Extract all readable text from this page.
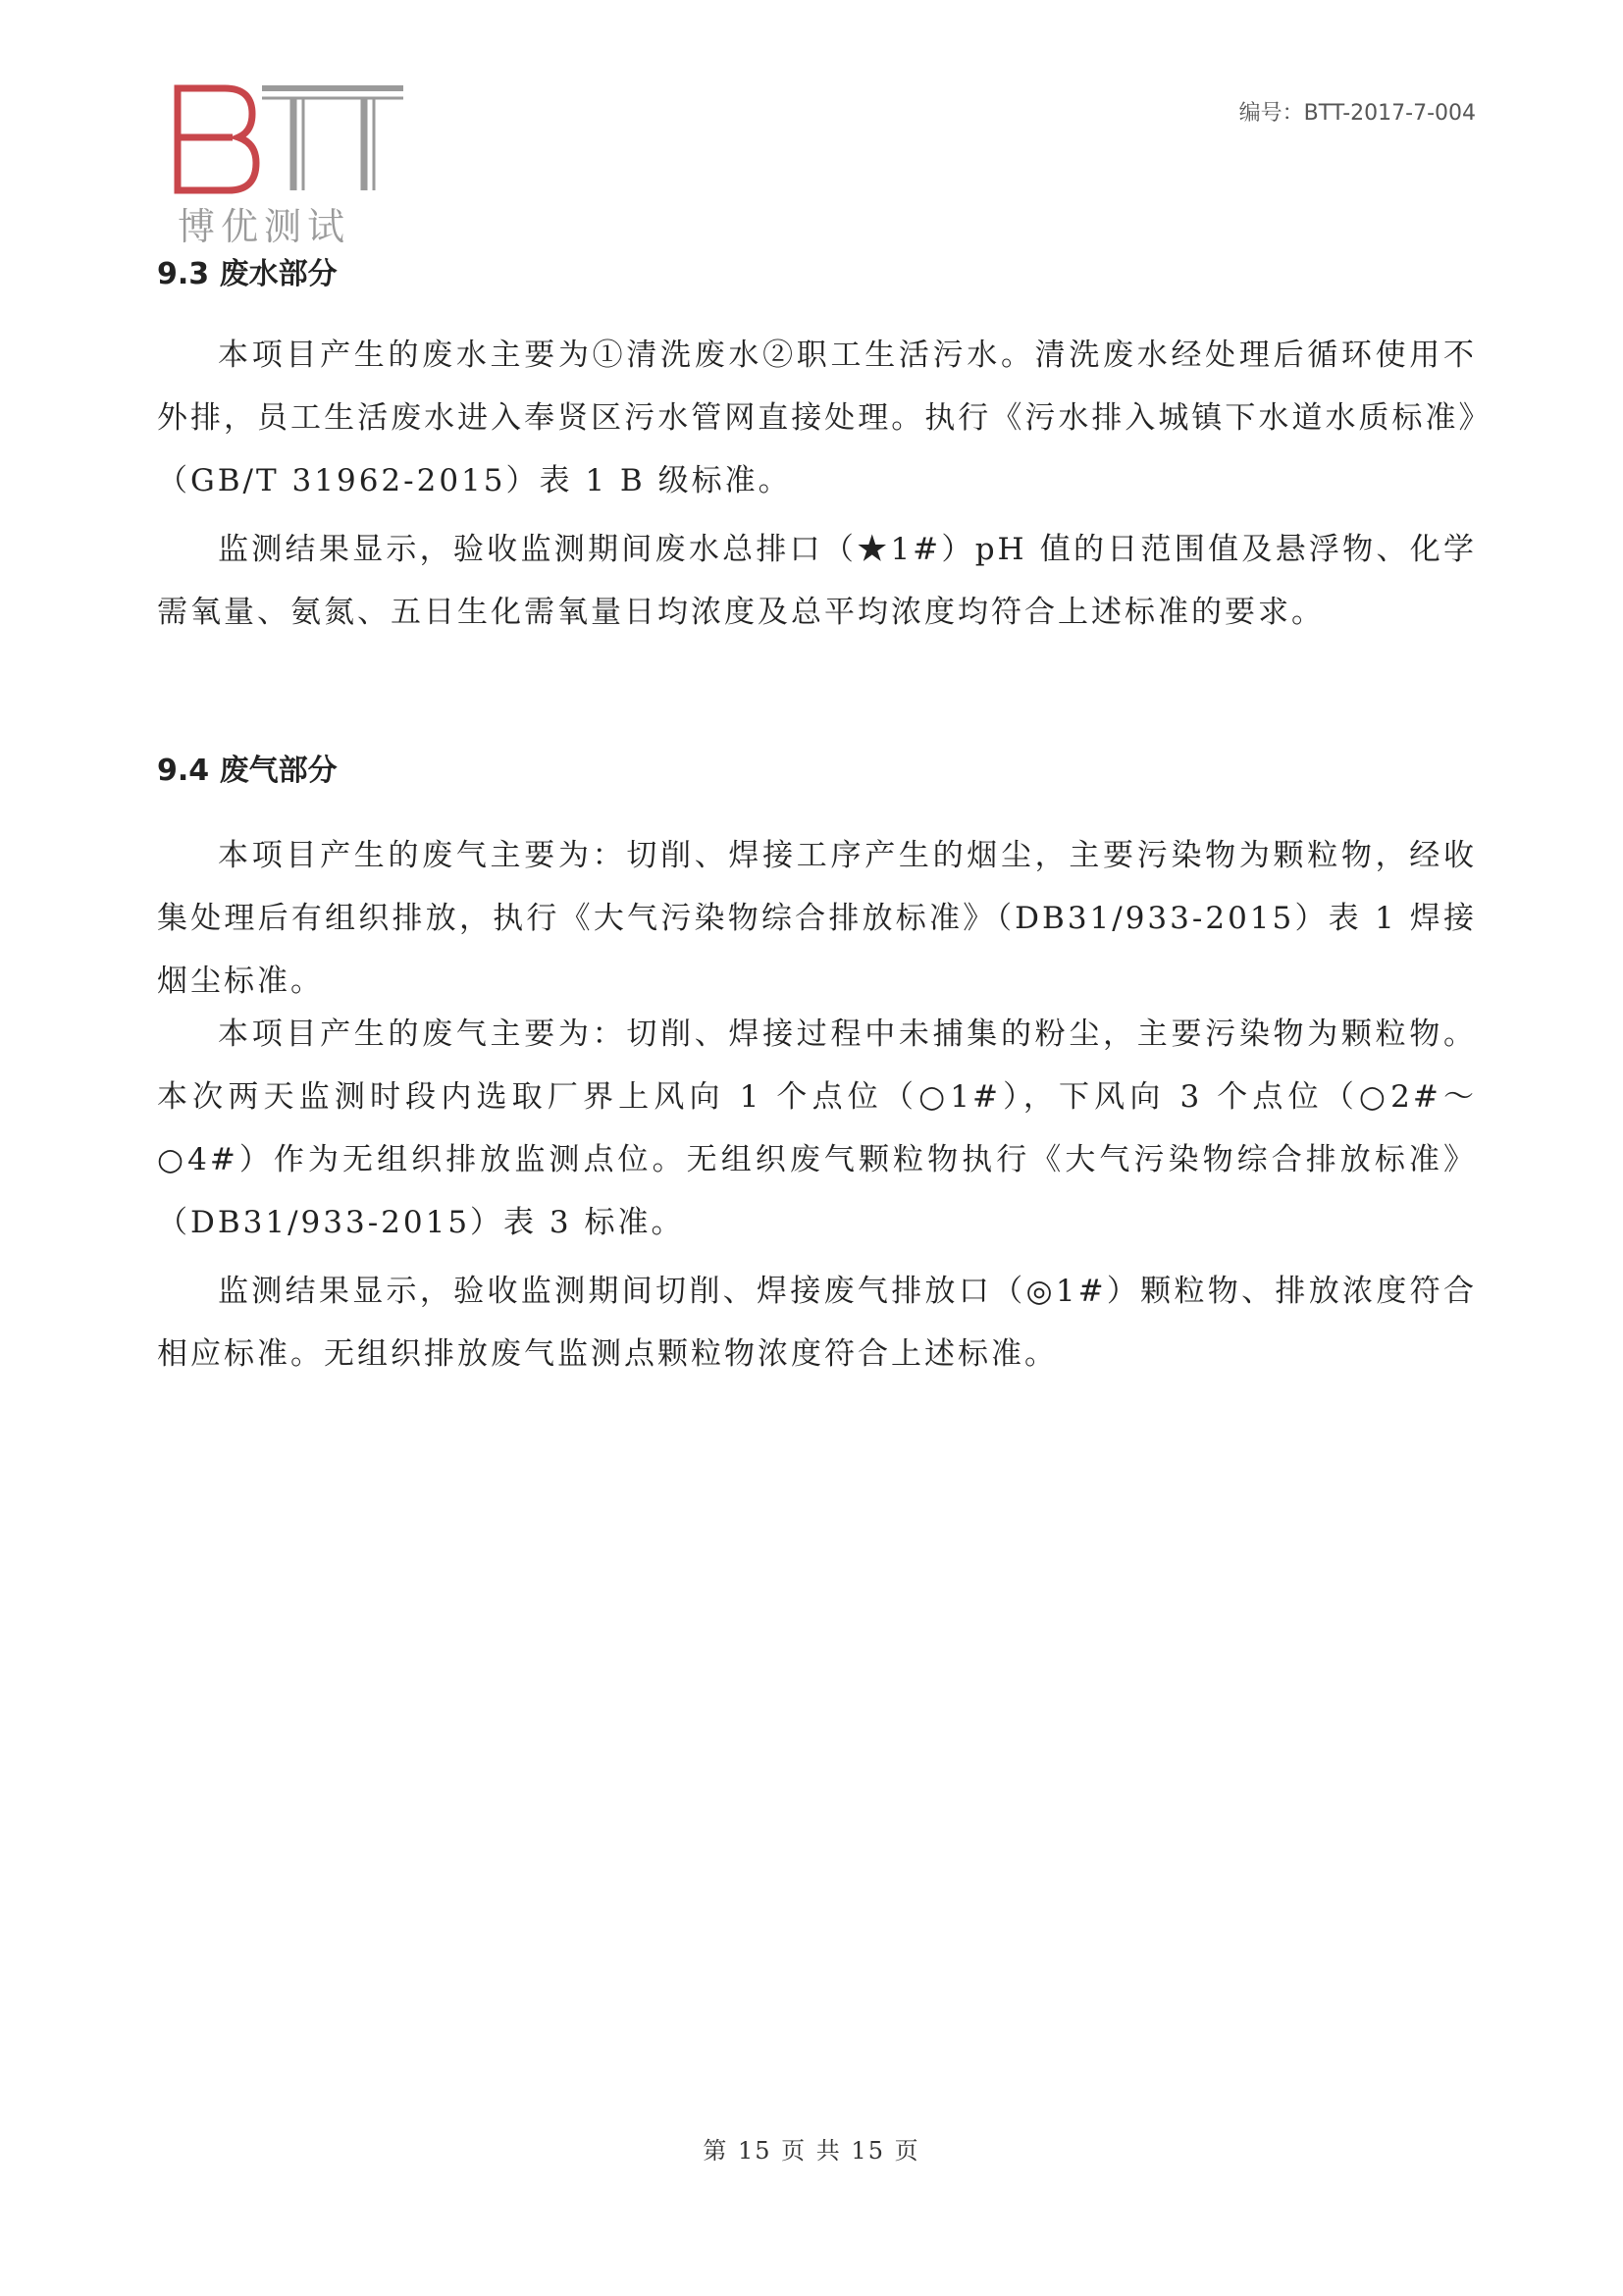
博优测试
编号：BTT-2017-7-004
9.3 废水部分

本项目产生的废水主要为①清洗废水②职工生活污水。清洗废水经处理后循环使用不外排，员工生活废水进入奉贤区污水管网直接处理。执行《污水排入城镇下水道水质标准》（GB/T 31962-2015）表 1 B 级标准。

监测结果显示，验收监测期间废水总排口（★1#）pH 值的日范围值及悬浮物、化学需氧量、氨氮、五日生化需氧量日均浓度及总平均浓度均符合上述标准的要求。

9.4 废气部分

本项目产生的废气主要为：切削、焊接工序产生的烟尘，主要污染物为颗粒物，经收集处理后有组织排放，执行《大气污染物综合排放标准》（DB31/933-2015）表 1 焊接烟尘标准。

本项目产生的废气主要为：切削、焊接过程中未捕集的粉尘，主要污染物为颗粒物。本次两天监测时段内选取厂界上风向 1 个点位（○1#），下风向 3 个点位（○2#～○4#）作为无组织排放监测点位。无组织废气颗粒物执行《大气污染物综合排放标准》（DB31/933-2015）表 3 标准。

监测结果显示，验收监测期间切削、焊接废气排放口（◎1#）颗粒物、排放浓度符合相应标准。无组织排放废气监测点颗粒物浓度符合上述标准。

第 15 页 共 15 页
